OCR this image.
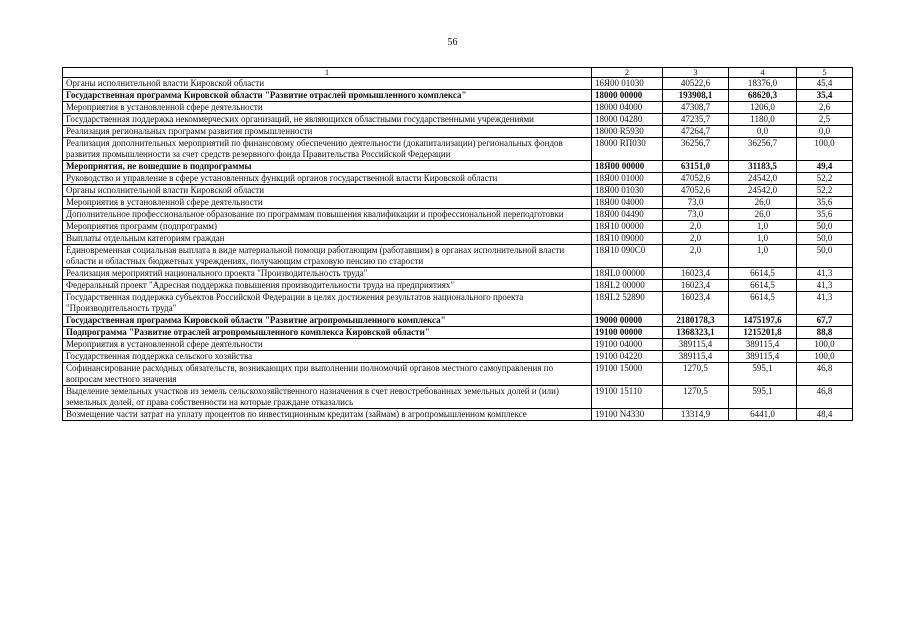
56
1	2	3	4	5
Органы исполнительной власти Кировской области	16Я00 01030	40522,6	18376,0	45,4
Государственная программа Кировской области "Развитие отраслей промышленного комплекса"	18000 00000	193908,1	68620,3	35,4
Мероприятия в установленной сфере деятельности	18000 04000	47308,7	1206,0	2,6
Государственная поддержка некоммерческих организаций, не являющихся областными государственными учреждениями	18000 04280	47235,7	1180,0	2,5
Реализация региональных программ развития промышленности	18000 R5930	47264,7	0,0	0,0
Реализация дополнительных мероприятий по финансовому обеспечению деятельности (докапитализации) региональных фондов развития промышленности за счет средств резервного фонда Правительства Российской Федерации	18000 RП030	36256,7	36256,7	100,0
Мероприятия, не вошедшие в подпрограммы	18Я00 00000	63151,0	31183,5	49,4
Руководство и управление в сфере установленных функций органов государственной власти Кировской области	18Я00 01000	47052,6	24542,0	52,2
Органы исполнительной власти Кировской области	18Я00 01030	47052,6	24542,0	52,2
Мероприятия в установленной сфере деятельности	18Я00 04000	73,0	26,0	35,6
Дополнительное профессиональное образование по программам повышения квалификации и профессиональной переподготовки	18Я00 04490	73,0	26,0	35,6
Мероприятия программ (подпрограмм)	18Я10 00000	2,0	1,0	50,0
Выплаты отдельным категориям граждан	18Я10 09000	2,0	1,0	50,0
Единовременная социальная выплата в виде материальной помощи работающим (работавшим) в органах исполнительной власти области и областных бюджетных учреждениях, получающим страховую пенсию по старости	18Я10 090С0	2,0	1,0	50,0
Реализация мероприятий национального проекта "Производительность труда"	18ЯL0 00000	16023,4	6614,5	41,3
Федеральный проект "Адресная поддержка повышения производительности труда на предприятиях"	18ЯL2 00000	16023,4	6614,5	41,3
Государственная поддержка субъектов Российской Федерации в целях достижения результатов национального проекта "Производительность труда"	18ЯL2 52890	16023,4	6614,5	41,3
Государственная программа Кировской области "Развитие агропромышленного комплекса"	19000 00000	2180178,3	1475197,6	67,7
Подпрограмма "Развитие отраслей агропромышленного комплекса Кировской области"	19100 00000	1368323,1	1215201,8	88,8
Мероприятия в установленной сфере деятельности	19100 04000	389115,4	389115,4	100,0
Государственная поддержка сельского хозяйства	19100 04220	389115,4	389115,4	100,0
Софинансирование расходных обязательств, возникающих при выполнении полномочий органов местного самоуправления по вопросам местного значения	19100 15000	1270,5	595,1	46,8
Выделение земельных участков из земель сельскохозяйственного назначения в счет невостребованных земельных долей и (или) земельных долей, от права собственности на которые граждане отказались	19100 15110	1270,5	595,1	46,8
Возмещение части затрат на уплату процентов по инвестиционным кредитам (займам) в агропромышленном комплексе	19100 N4330	13314,9	6441,0	48,4
